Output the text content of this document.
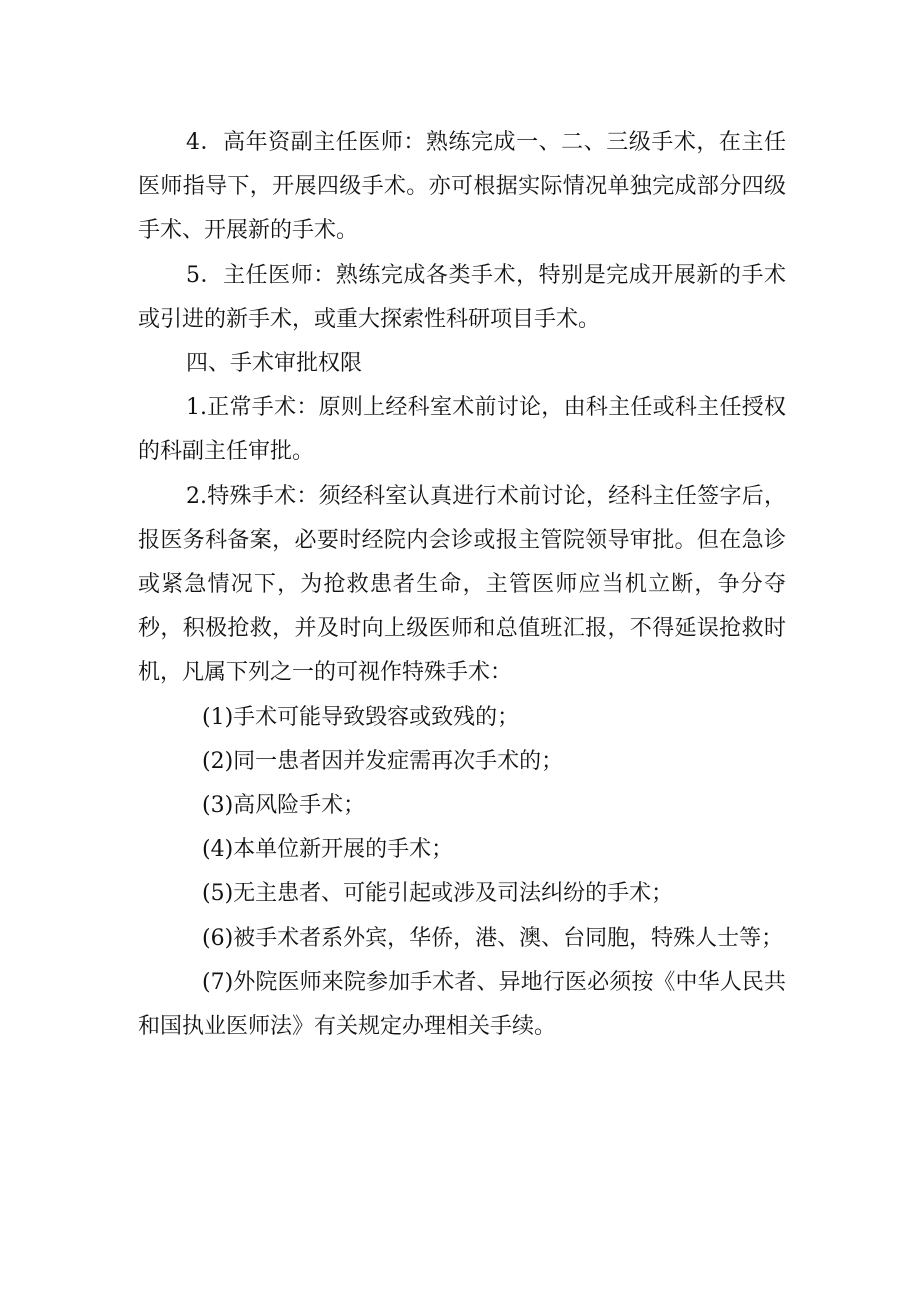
4．高年资副主任医师：熟练完成一、二、三级手术，在主任医师指导下，开展四级手术。亦可根据实际情况单独完成部分四级手术、开展新的手术。

5．主任医师：熟练完成各类手术，特别是完成开展新的手术或引进的新手术，或重大探索性科研项目手术。

四、手术审批权限

1.正常手术：原则上经科室术前讨论，由科主任或科主任授权的科副主任审批。

2.特殊手术：须经科室认真进行术前讨论，经科主任签字后，报医务科备案，必要时经院内会诊或报主管院领导审批。但在急诊或紧急情况下，为抢救患者生命，主管医师应当机立断，争分夺秒，积极抢救，并及时向上级医师和总值班汇报，不得延误抢救时机，凡属下列之一的可视作特殊手术：

(1)手术可能导致毁容或致残的；

(2)同一患者因并发症需再次手术的；

(3)高风险手术；

(4)本单位新开展的手术；

(5)无主患者、可能引起或涉及司法纠纷的手术；

(6)被手术者系外宾，华侨，港、澳、台同胞，特殊人士等；

(7)外院医师来院参加手术者、异地行医必须按《中华人民共和国执业医师法》有关规定办理相关手续。
